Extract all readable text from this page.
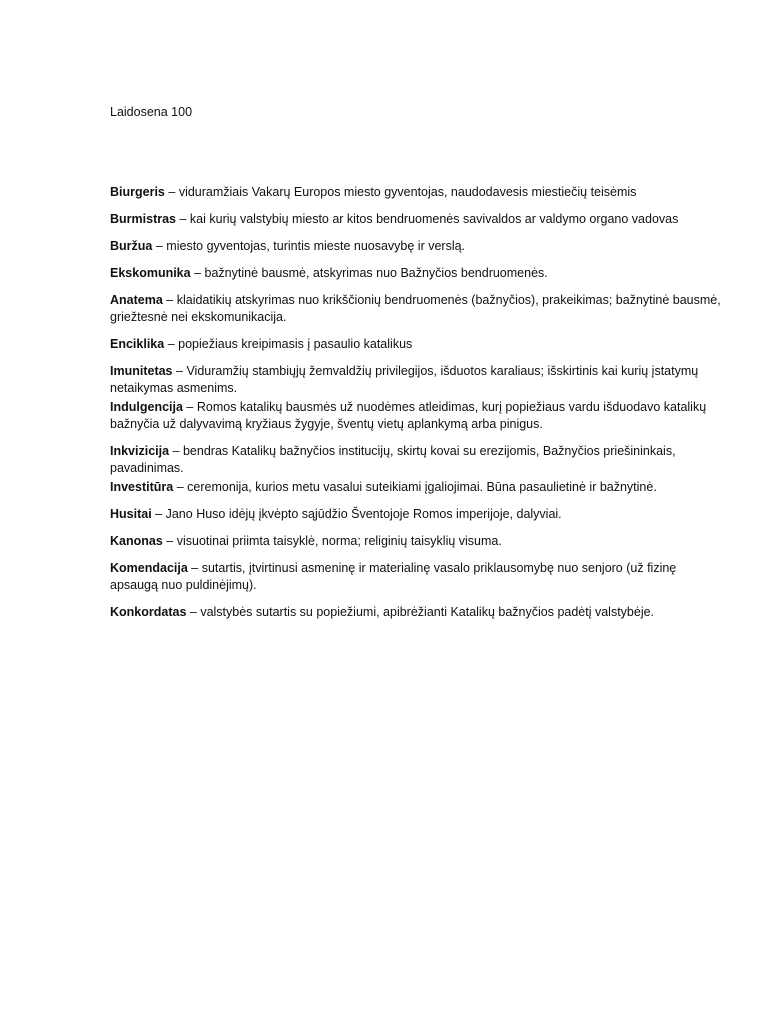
Laidosena 100

Biurgeris – viduramžiais Vakarų Europos miesto gyventojas, naudodavesis miestiečių teisėmis

Burmistras – kai kurių valstybių miesto ar kitos bendruomenės savivaldos ar valdymo organo vadovas

Buržua – miesto gyventojas, turintis mieste nuosavybę ir verslą.

Ekskomunika – bažnytinė bausmė, atskyrimas nuo Bažnyčios bendruomenės.

Anatema – klaidatikių atskyrimas nuo krikščionių bendruomenės (bažnyčios), prakeikimas; bažnytinė bausmė, griežtesnė nei ekskomunikacija.

Enciklika – popiežiaus kreipimasis į pasaulio katalikus

Imunitetas – Viduramžių stambiųjų žemvaldžių privilegijos, išduotos karaliaus; išskirtinis kai kurių įstatymų netaikymas asmenims.

Indulgencija – Romos katalikų bausmės už nuodėmes atleidimas, kurį popiežiaus vardu išduodavo katalikų bažnyčia už dalyvavimą kryžiaus žygyje, šventų vietų aplankymą arba pinigus.

Inkvizicija – bendras Katalikų bažnyčios institucijų, skirtų kovai su erezijomis, Bažnyčios priešininkais, pavadinimas.

Investitūra – ceremonija, kurios metu vasalui suteikiami įgaliojimai. Būna pasaulietinė ir bažnytinė.

Husitai – Jano Huso idėjų įkvėpto sąjūdžio Šventojoje Romos imperijoje, dalyviai.

Kanonas – visuotinai priimta taisyklė, norma; religinių taisyklių visuma.

Komendacija – sutartis, įtvirtinusi asmeninę ir materialinę vasalo priklausomybę nuo senjoro (už fizinę apsaugą nuo puldinėjimų).

Konkordatas – valstybės sutartis su popiežiumi, apibrėžianti Katalikų bažnyčios padėtį valstybėje.
